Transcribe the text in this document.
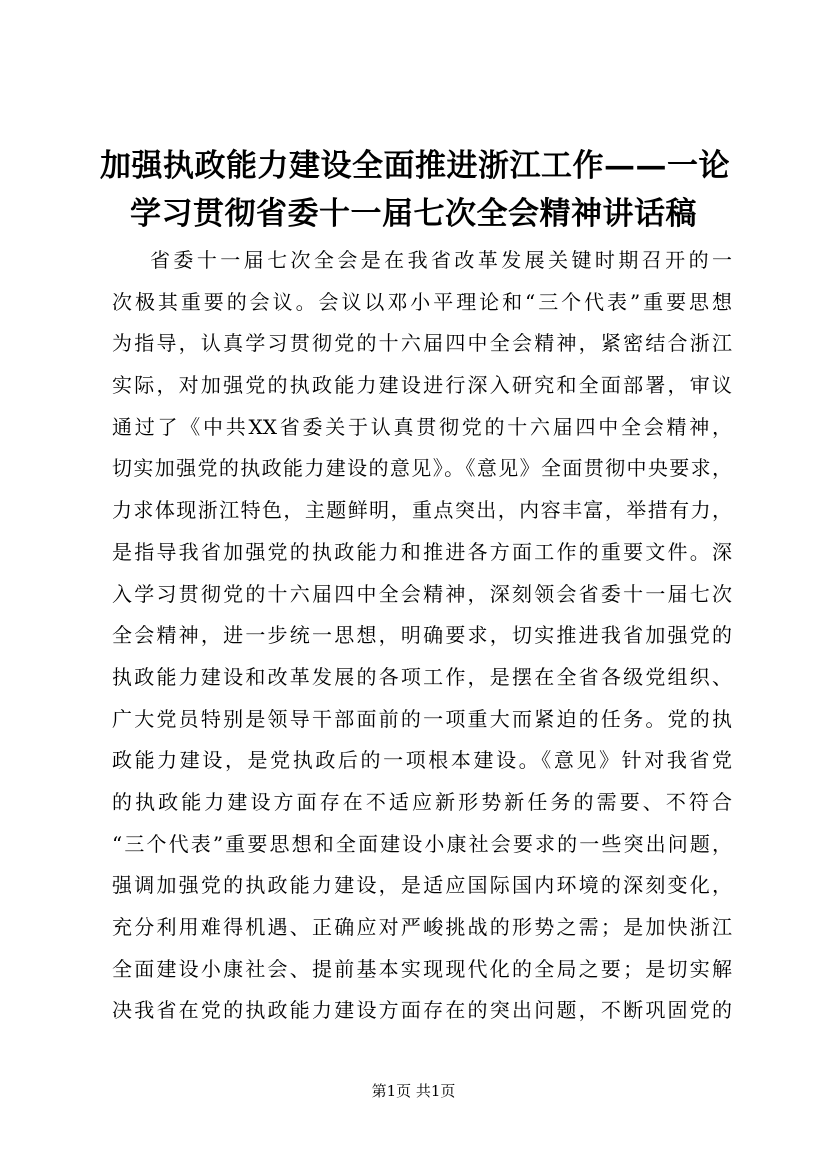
加强执政能力建设全面推进浙江工作——一论
学习贯彻省委十一届七次全会精神讲话稿
省委十一届七次全会是在我省改革发展关键时期召开的一
次极其重要的会议。会议以邓小平理论和“三个代表”重要思想
为指导，认真学习贯彻党的十六届四中全会精神，紧密结合浙江
实际，对加强党的执政能力建设进行深入研究和全面部署，审议
通过了《中共XX省委关于认真贯彻党的十六届四中全会精神，
切实加强党的执政能力建设的意见》。《意见》全面贯彻中央要求，
力求体现浙江特色，主题鲜明，重点突出，内容丰富，举措有力，
是指导我省加强党的执政能力和推进各方面工作的重要文件。深
入学习贯彻党的十六届四中全会精神，深刻领会省委十一届七次
全会精神，进一步统一思想，明确要求，切实推进我省加强党的
执政能力建设和改革发展的各项工作，是摆在全省各级党组织、
广大党员特别是领导干部面前的一项重大而紧迫的任务。党的执
政能力建设，是党执政后的一项根本建设。《意见》针对我省党
的执政能力建设方面存在不适应新形势新任务的需要、不符合
“三个代表”重要思想和全面建设小康社会要求的一些突出问题，
强调加强党的执政能力建设，是适应国际国内环境的深刻变化，
充分利用难得机遇、正确应对严峻挑战的形势之需；是加快浙江
全面建设小康社会、提前基本实现现代化的全局之要；是切实解
决我省在党的执政能力建设方面存在的突出问题，不断巩固党的
第1页 共1页
